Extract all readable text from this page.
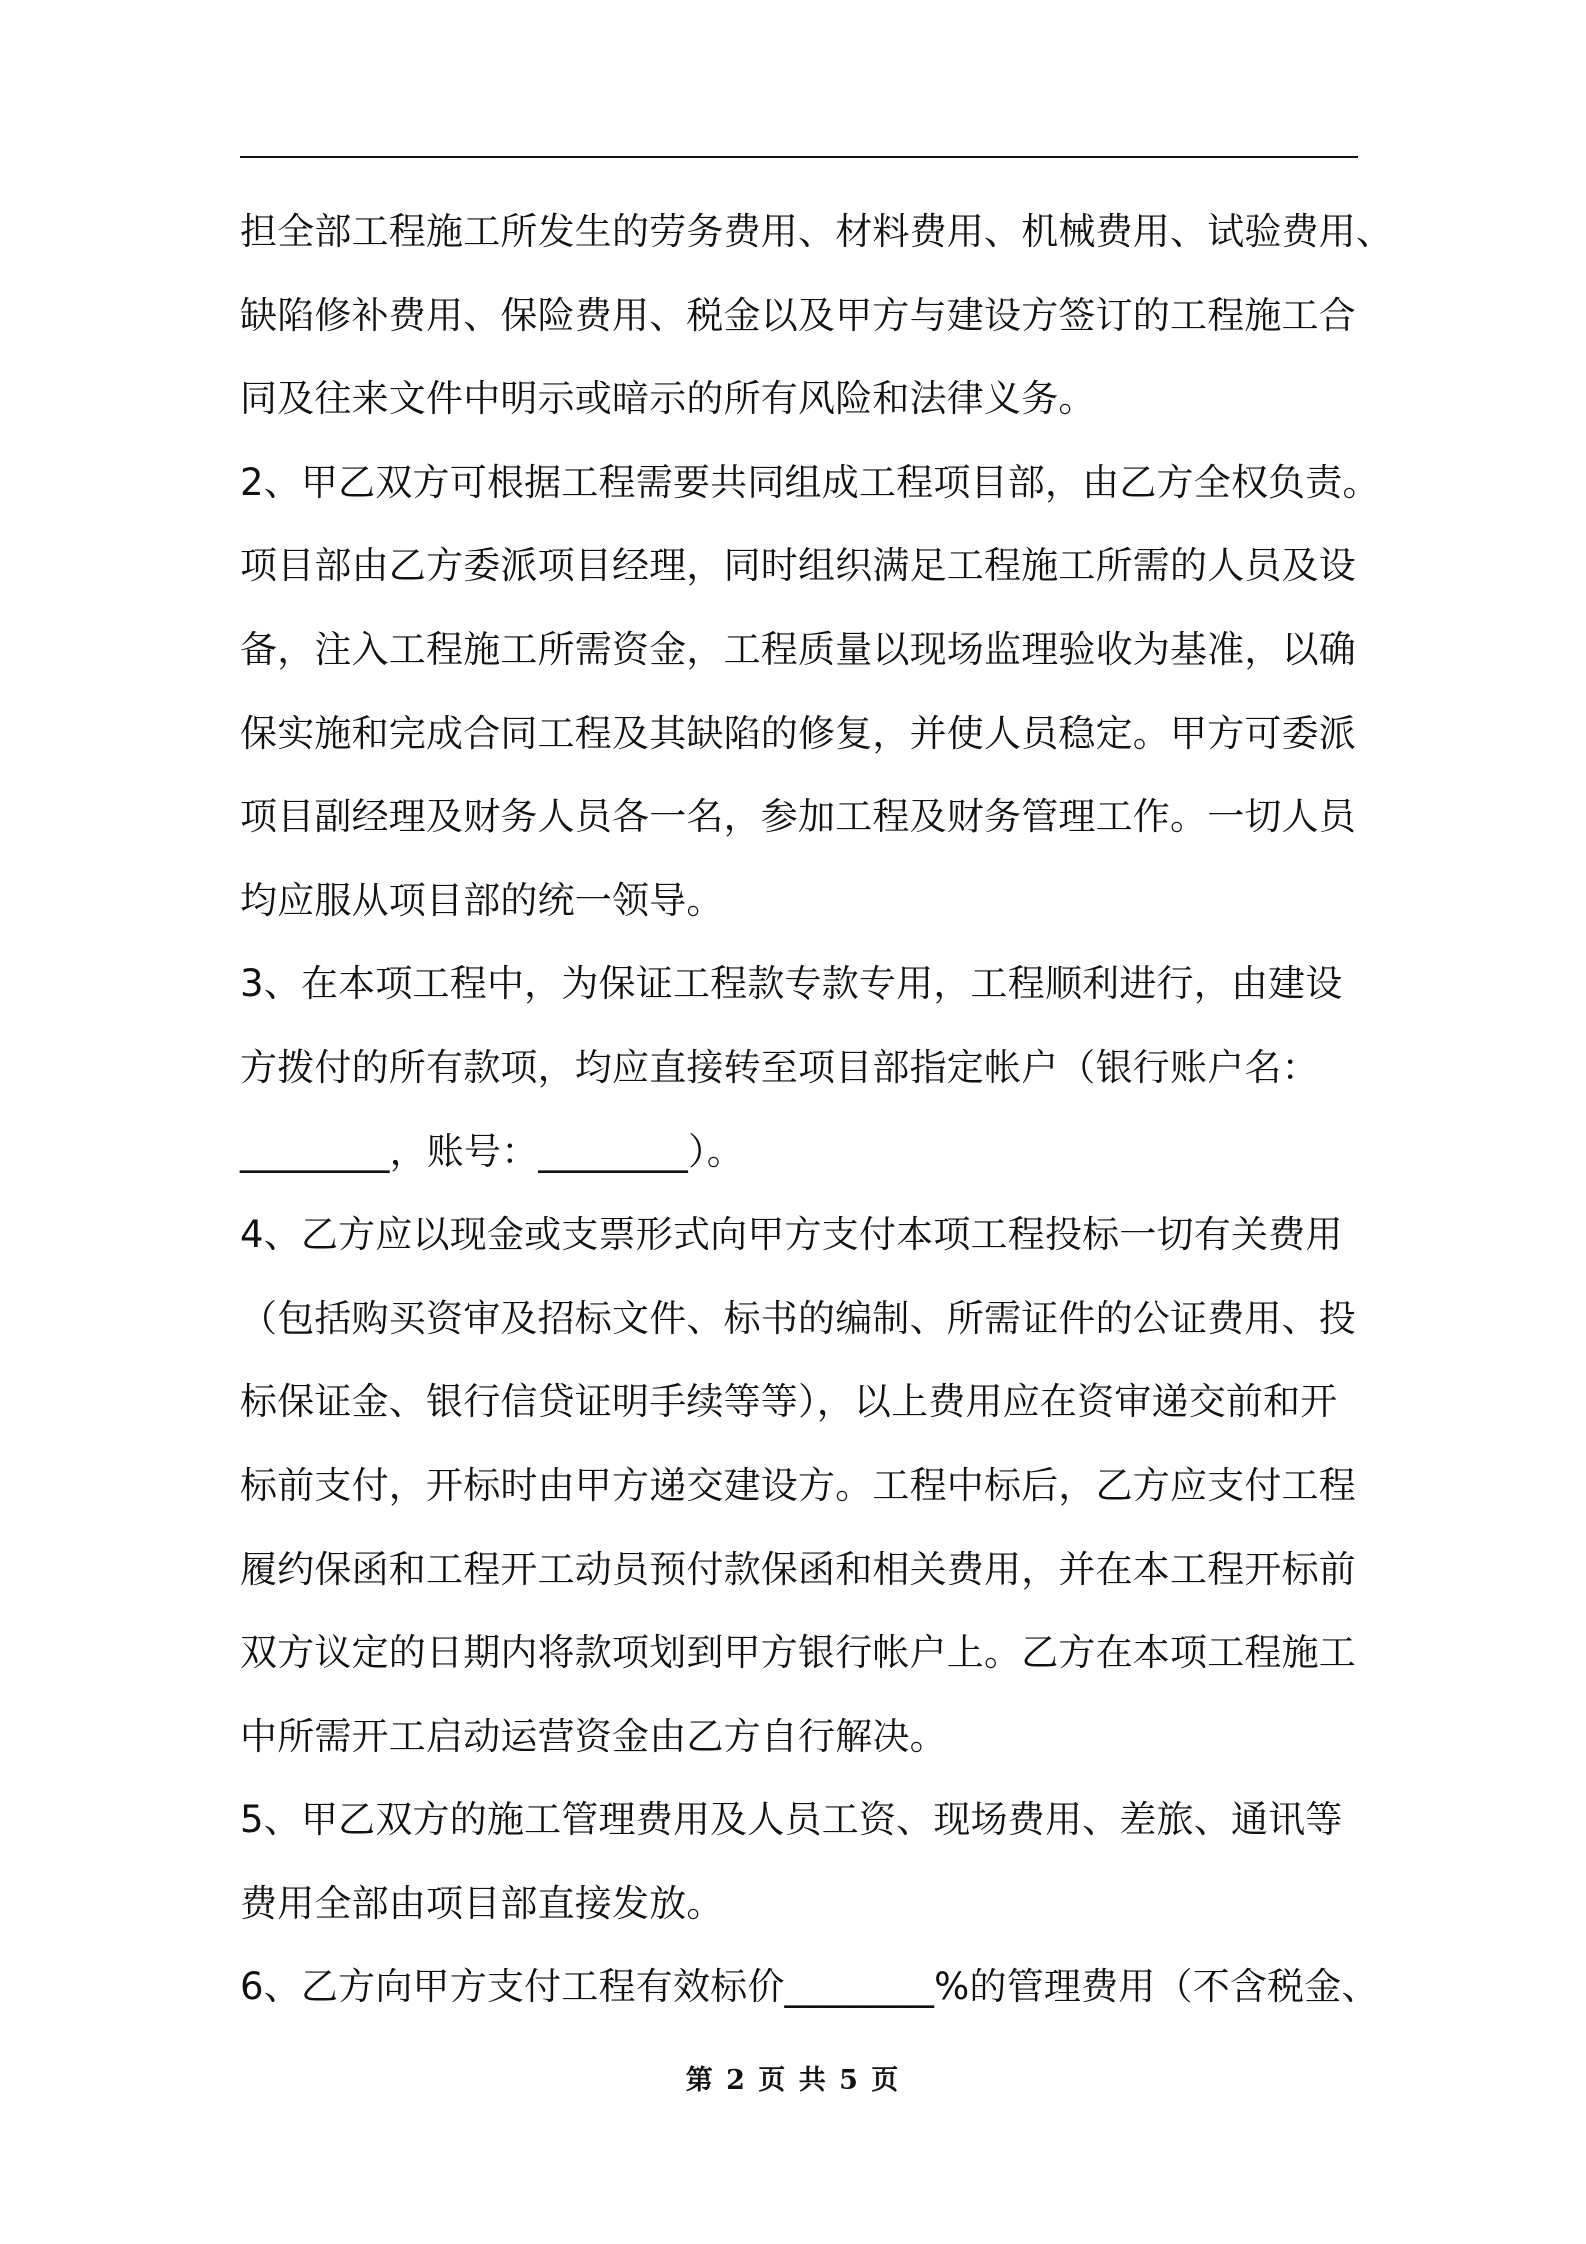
担全部工程施工所发生的劳务费用、材料费用、机械费用、试验费用、
缺陷修补费用、保险费用、税金以及甲方与建设方签订的工程施工合
同及往来文件中明示或暗示的所有风险和法律义务。
2、甲乙双方可根据工程需要共同组成工程项目部，由乙方全权负责。
项目部由乙方委派项目经理，同时组织满足工程施工所需的人员及设
备，注入工程施工所需资金，工程质量以现场监理验收为基准，以确
保实施和完成合同工程及其缺陷的修复，并使人员稳定。甲方可委派
项目副经理及财务人员各一名，参加工程及财务管理工作。一切人员
均应服从项目部的统一领导。
3、在本项工程中，为保证工程款专款专用，工程顺利进行，由建设
方拨付的所有款项，均应直接转至项目部指定帐户（银行账户名：
________，账号：________）。
4、乙方应以现金或支票形式向甲方支付本项工程投标一切有关费用
（包括购买资审及招标文件、标书的编制、所需证件的公证费用、投
标保证金、银行信贷证明手续等等），以上费用应在资审递交前和开
标前支付，开标时由甲方递交建设方。工程中标后，乙方应支付工程
履约保函和工程开工动员预付款保函和相关费用，并在本工程开标前
双方议定的日期内将款项划到甲方银行帐户上。乙方在本项工程施工
中所需开工启动运营资金由乙方自行解决。
5、甲乙双方的施工管理费用及人员工资、现场费用、差旅、通讯等
费用全部由项目部直接发放。
6、乙方向甲方支付工程有效标价________%的管理费用（不含税金、
第 2 页 共 5 页
